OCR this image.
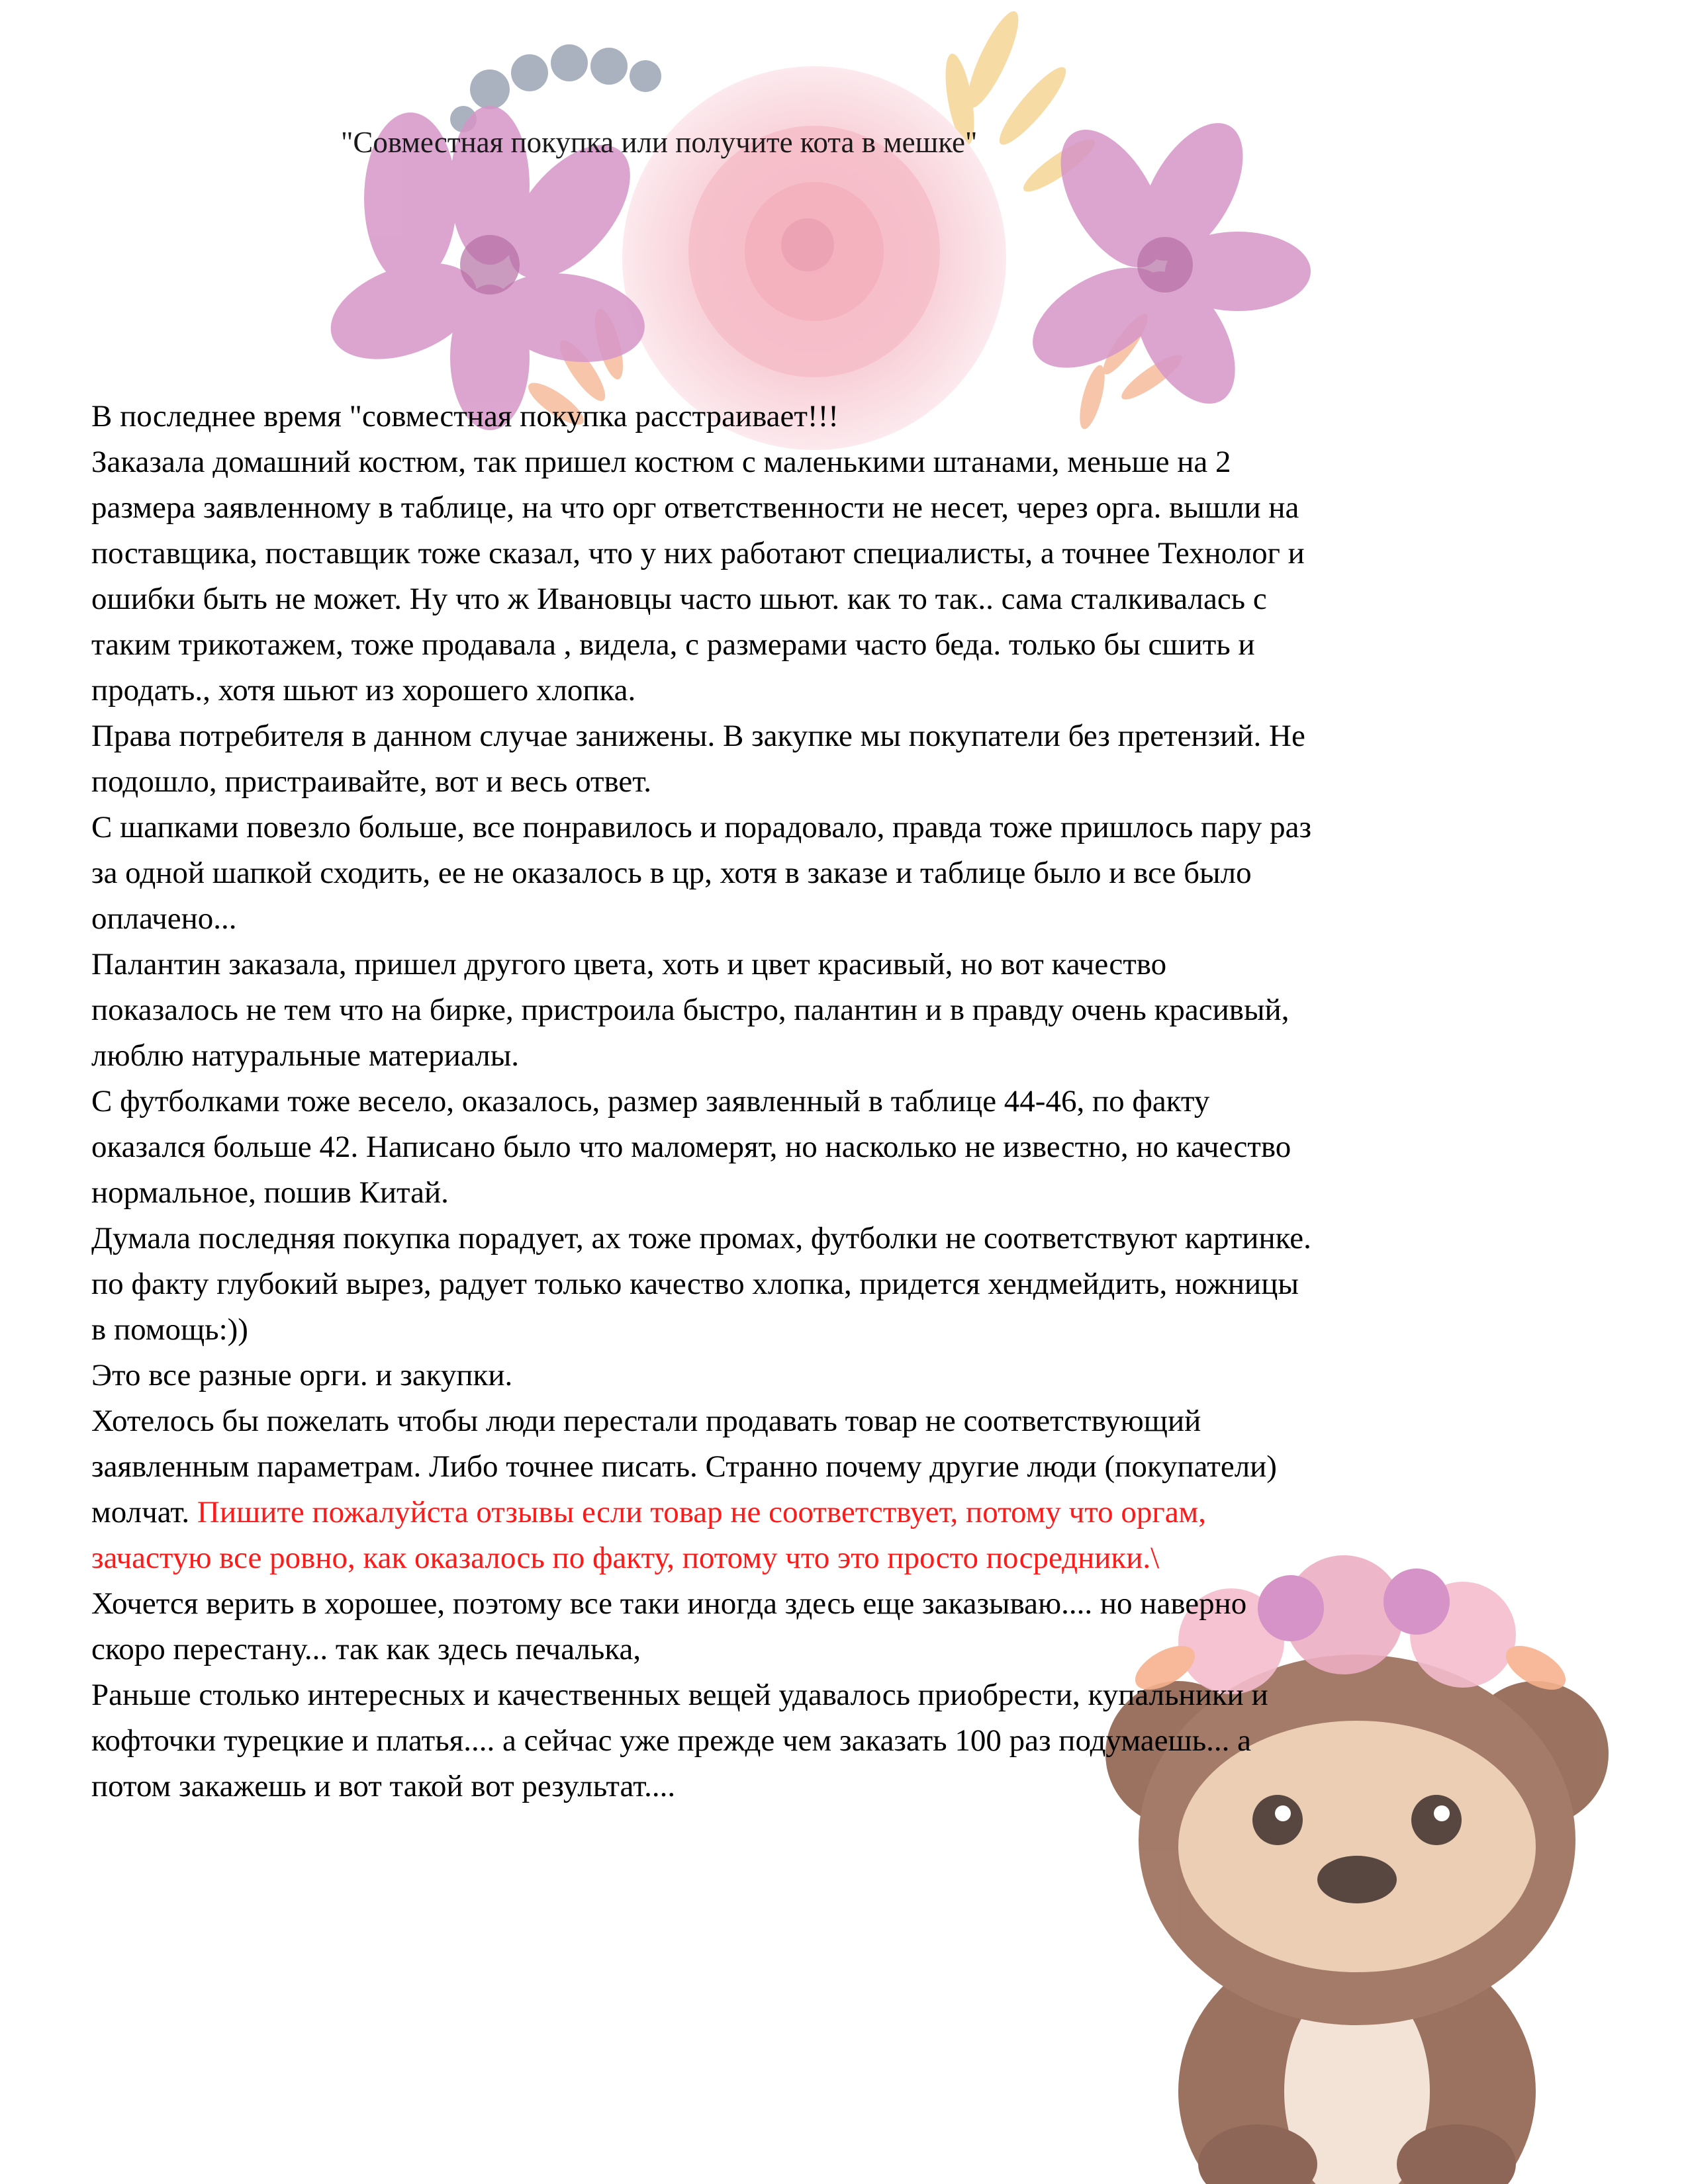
"Совместная покупка или получите кота в мешке"

В последнее время "совместная покупка расстраивает!!!

Заказала домашний костюм, так пришел костюм с маленькими штанами, меньше на 2
размера заявленному в таблице, на что орг ответственности не несет, через орга. вышли на
поставщика, поставщик тоже сказал, что у них работают специалисты, а точнее Технолог и
ошибки быть не может. Ну что ж Ивановцы часто шьют. как то так.. сама сталкивалась с
таким трикотажем, тоже продавала , видела, с размерами часто беда. только бы сшить и
продать., хотя шьют из хорошего хлопка.

Права потребителя в данном случае занижены. В закупке мы покупатели без претензий. Не
подошло, пристраивайте, вот и весь ответ.

С шапками повезло больше, все понравилось и порадовало, правда тоже пришлось пару раз
за одной шапкой сходить, ее не оказалось в цр, хотя в заказе и таблице было и все было
оплачено...

Палантин заказала, пришел другого цвета, хоть и цвет красивый, но вот качество
показалось не тем что на бирке, пристроила быстро, палантин и в правду очень красивый,
люблю натуральные материалы.

С футболками тоже весело, оказалось, размер заявленный в таблице 44-46, по факту
оказался больше 42. Написано было что маломерят, но насколько не известно, но качество
нормальное, пошив Китай.

Думала последняя покупка порадует, ах тоже промах, футболки не соответствуют картинке.
по факту глубокий вырез, радует только качество хлопка, придется хендмейдить, ножницы
в помощь:))

Это все разные орги. и закупки.

Хотелось бы пожелать чтобы люди перестали продавать товар не соответствующий
заявленным параметрам. Либо точнее писать. Странно почему другие люди (покупатели)
молчат. Пишите пожалуйста отзывы если товар не соответствует, потому что оргам,
зачастую все ровно, как оказалось по факту, потому что это просто посредники.\

Хочется верить в хорошее, поэтому все таки иногда здесь еще заказываю.... но наверно
скоро перестану... так как здесь печалька,

Раньше столько интересных и качественных вещей удавалось приобрести, купальники и
кофточки турецкие и платья.... а сейчас уже прежде чем заказать 100 раз подумаешь... а
потом закажешь и вот такой вот результат....
